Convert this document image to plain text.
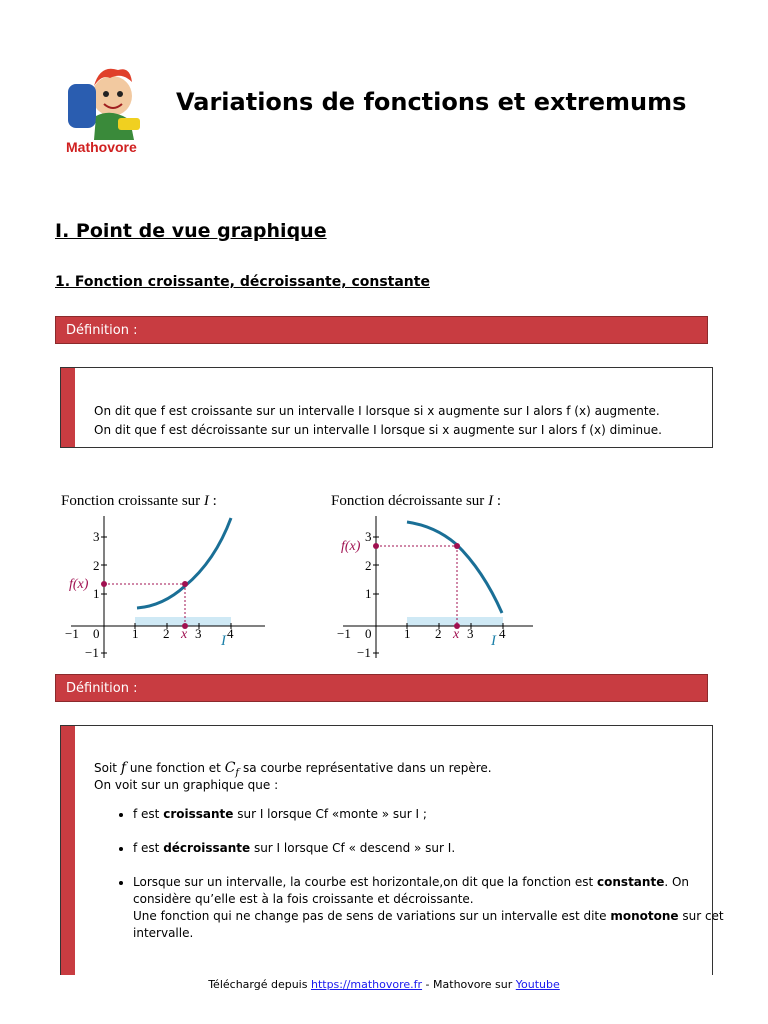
Mathovore
Variations de fonctions et extremums
I. Point de vue graphique
1. Fonction croissante, décroissante, constante
Définition :
On dit que f est croissante sur un intervalle I lorsque si x augmente sur I alors f (x) augmente.
On dit que f est décroissante sur un intervalle I lorsque si x augmente sur I alors f (x) diminue.
Fonction croissante sur I :
−1 0	1 2 3 4
3
2
1
−1
f(x)
x I
Fonction décroissante sur I :
−1 0	1 2 3 4
3
2
1
−1
f(x)
x I
Définition :
Soit f une fonction et $C_f$ sa courbe représentative dans un repère.
On voit sur un graphique que :
• f est croissante sur I lorsque Cf «monte » sur I ;
• f est décroissante sur I lorsque Cf « descend » sur I.
• Lorsque sur un intervalle, la courbe est horizontale,on dit que la fonction est constante. On considère qu’elle est à la fois croissante et décroissante.
Une fonction qui ne change pas de sens de variations sur un intervalle est dite monotone sur cet intervalle.
Téléchargé depuis https://mathovore.fr - Mathovore sur Youtube
